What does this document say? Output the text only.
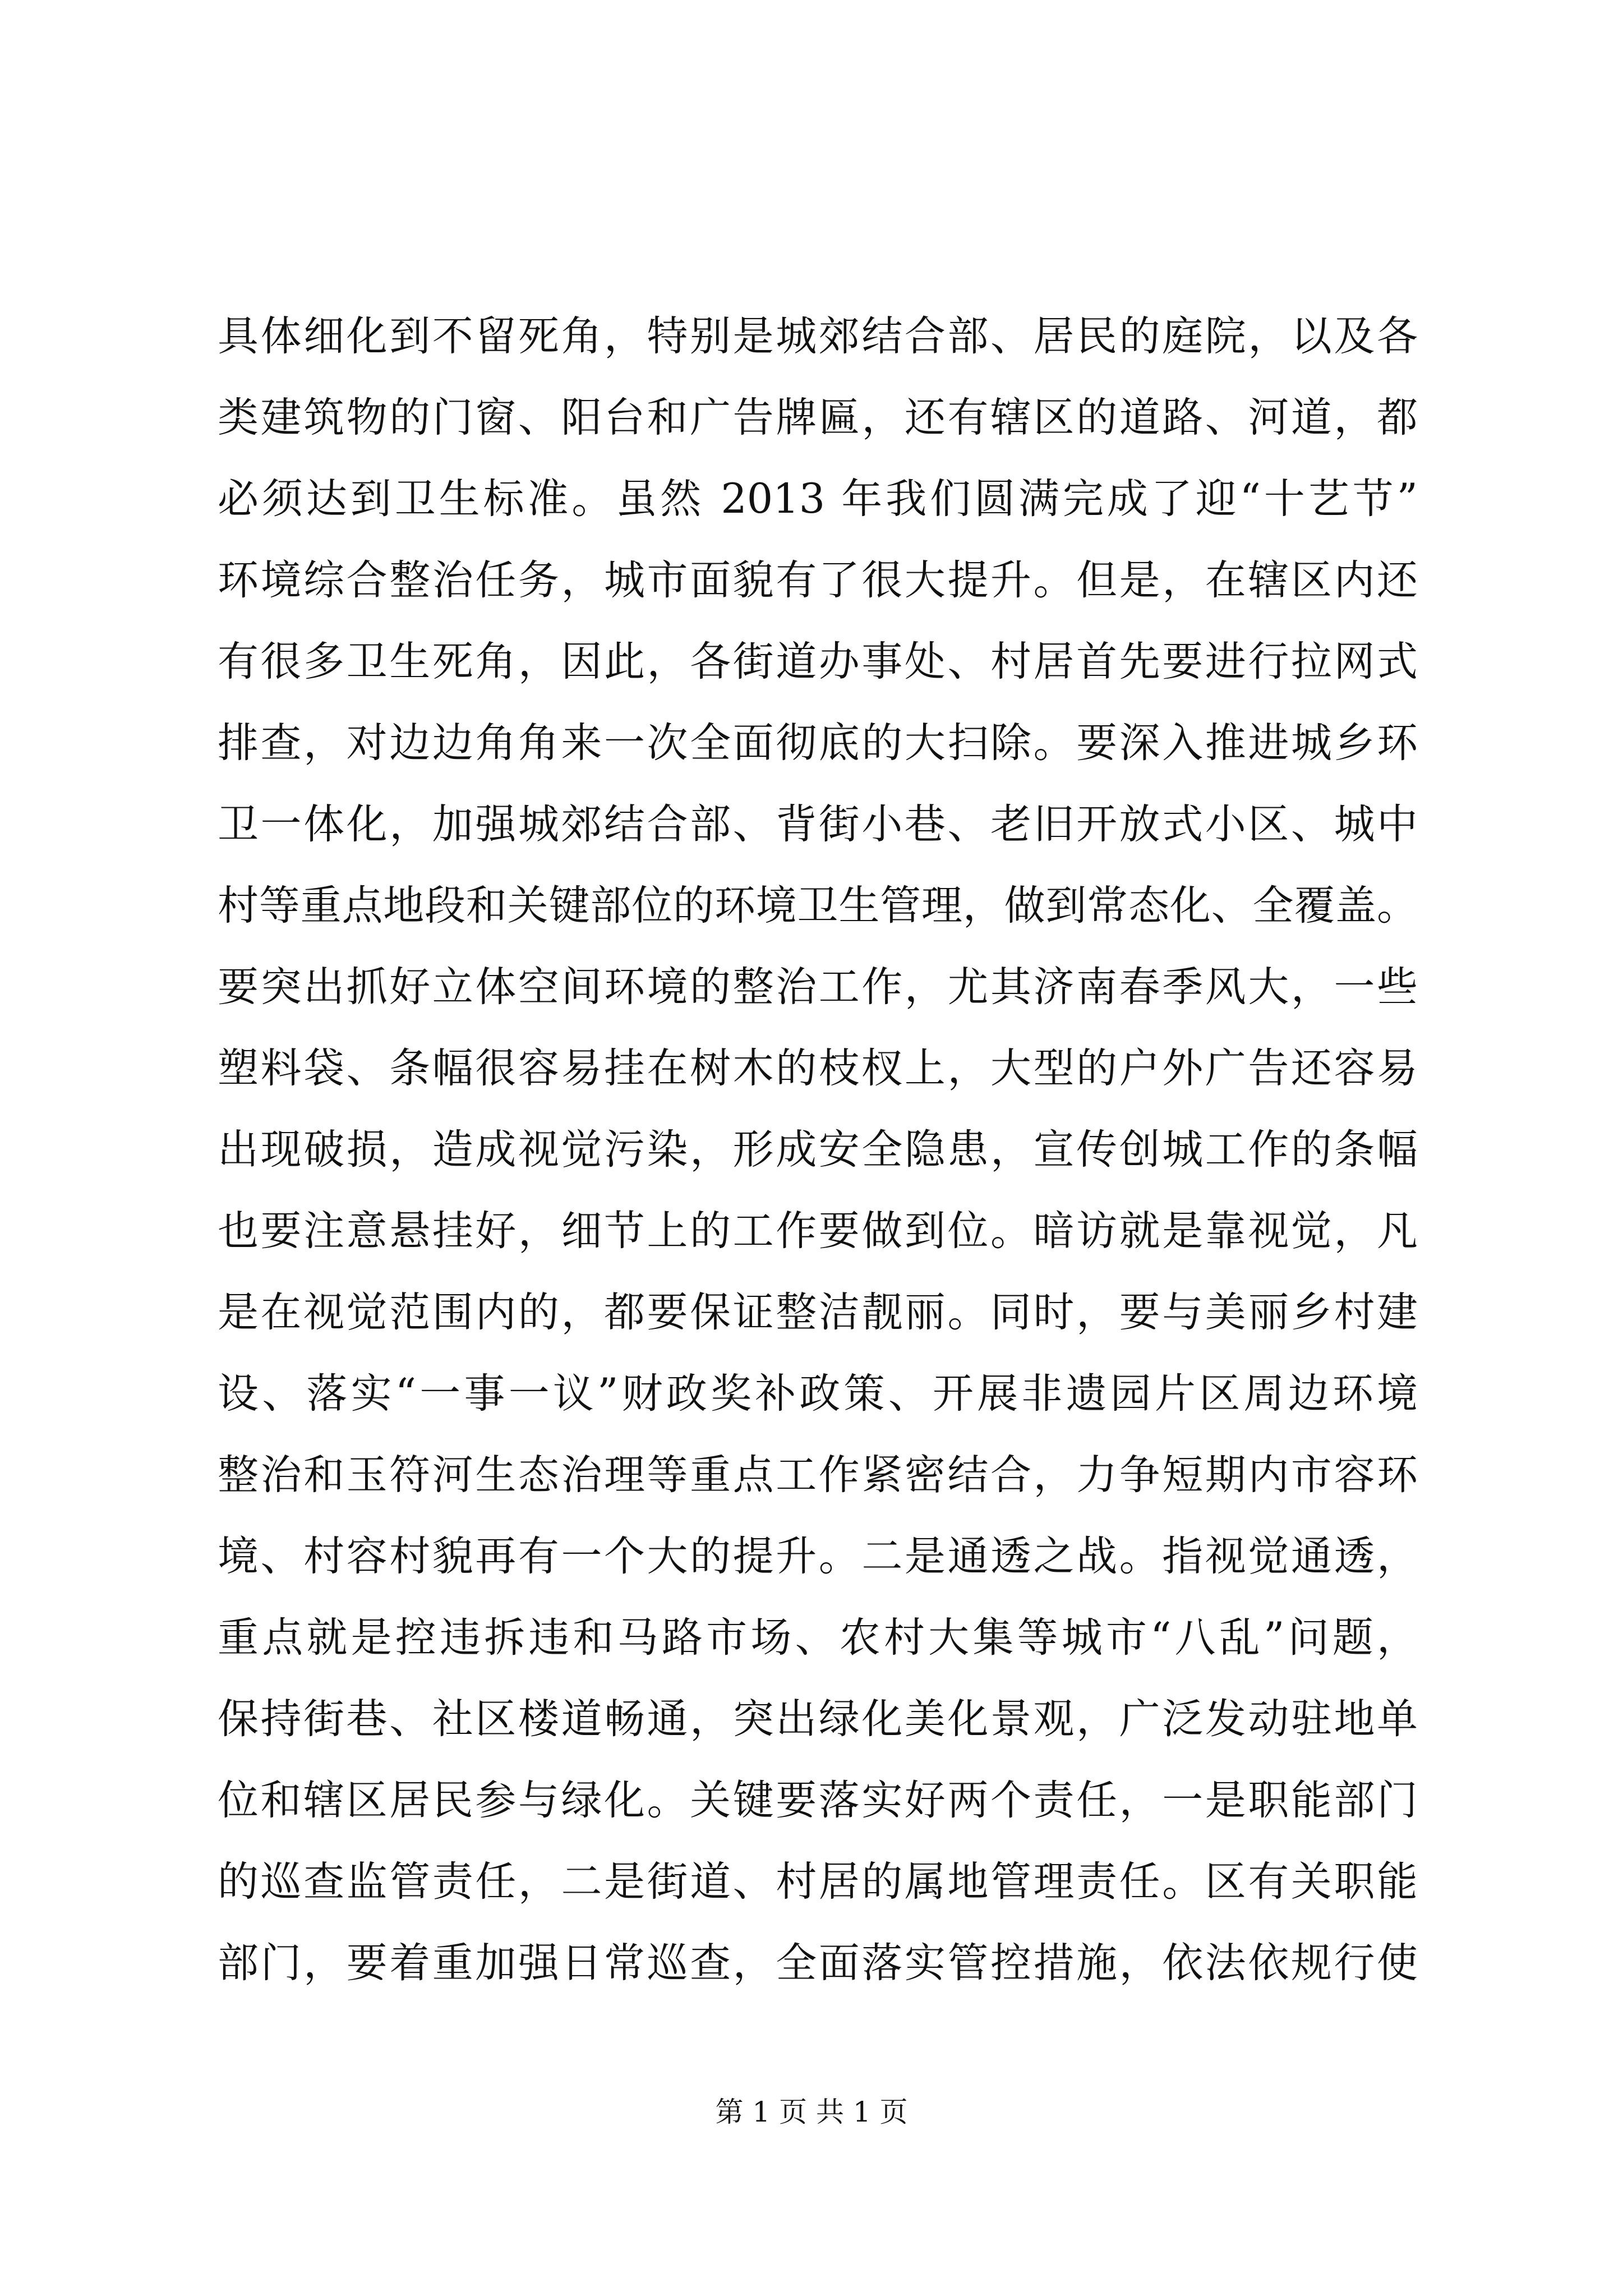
具体细化到不留死角，特别是城郊结合部、居民的庭院，以及各
类建筑物的门窗、阳台和广告牌匾，还有辖区的道路、河道，都
必须达到卫生标准。虽然 2013 年我们圆满完成了迎“十艺节”
环境综合整治任务，城市面貌有了很大提升。但是，在辖区内还
有很多卫生死角，因此，各街道办事处、村居首先要进行拉网式
排查，对边边角角来一次全面彻底的大扫除。要深入推进城乡环
卫一体化，加强城郊结合部、背街小巷、老旧开放式小区、城中
村等重点地段和关键部位的环境卫生管理，做到常态化、全覆盖。
要突出抓好立体空间环境的整治工作，尤其济南春季风大，一些
塑料袋、条幅很容易挂在树木的枝杈上，大型的户外广告还容易
出现破损，造成视觉污染，形成安全隐患，宣传创城工作的条幅
也要注意悬挂好，细节上的工作要做到位。暗访就是靠视觉，凡
是在视觉范围内的，都要保证整洁靓丽。同时，要与美丽乡村建
设、落实“一事一议”财政奖补政策、开展非遗园片区周边环境
整治和玉符河生态治理等重点工作紧密结合，力争短期内市容环
境、村容村貌再有一个大的提升。二是通透之战。指视觉通透，
重点就是控违拆违和马路市场、农村大集等城市“八乱”问题，
保持街巷、社区楼道畅通，突出绿化美化景观，广泛发动驻地单
位和辖区居民参与绿化。关键要落实好两个责任，一是职能部门
的巡查监管责任，二是街道、村居的属地管理责任。区有关职能
部门，要着重加强日常巡查，全面落实管控措施，依法依规行使
第 1 页 共 1 页
